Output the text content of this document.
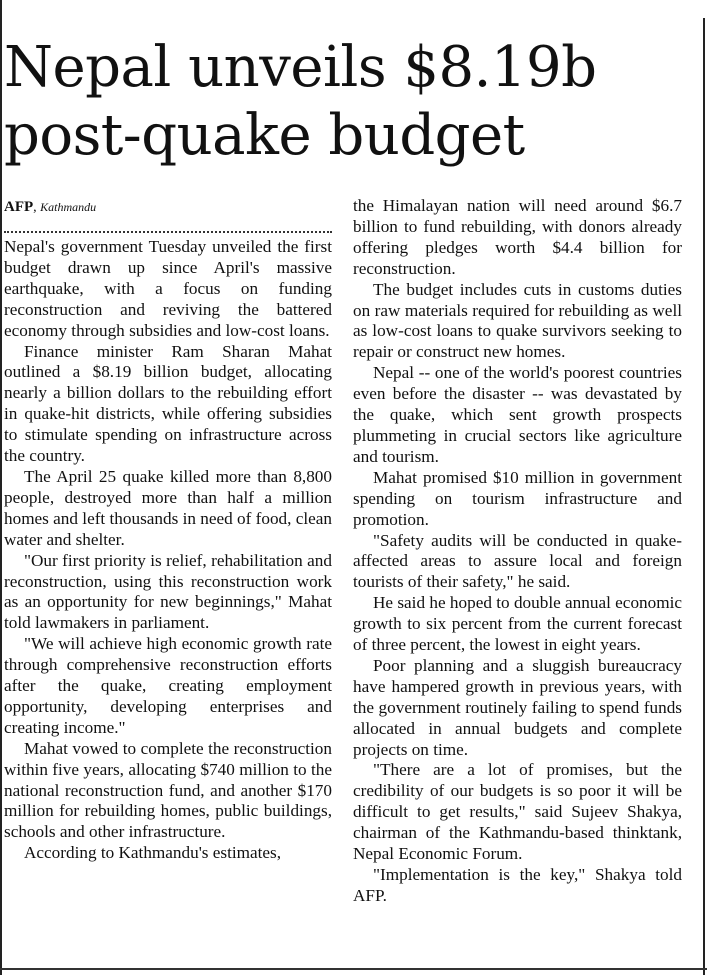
Nepal unveils $8.19b post-quake budget

AFP, Kathmandu

Nepal's government Tuesday unveiled the first budget drawn up since April's massive earthquake, with a focus on funding reconstruction and reviving the battered economy through subsidies and low-cost loans.

Finance minister Ram Sharan Mahat outlined a $8.19 billion budget, allocating nearly a billion dollars to the rebuilding effort in quake-hit districts, while offering subsidies to stimulate spending on infrastructure across the country.

The April 25 quake killed more than 8,800 people, destroyed more than half a million homes and left thousands in need of food, clean water and shelter.

"Our first priority is relief, rehabilitation and reconstruction, using this reconstruction work as an opportunity for new beginnings," Mahat told lawmakers in parliament.

"We will achieve high economic growth rate through comprehensive reconstruction efforts after the quake, creating employment opportunity, developing enterprises and creating income."

Mahat vowed to complete the reconstruction within five years, allocating $740 million to the national reconstruction fund, and another $170 million for rebuilding homes, public buildings, schools and other infrastructure.

According to Kathmandu's estimates,

the Himalayan nation will need around $6.7 billion to fund rebuilding, with donors already offering pledges worth $4.4 billion for reconstruction.

The budget includes cuts in customs duties on raw materials required for rebuilding as well as low-cost loans to quake survivors seeking to repair or construct new homes.

Nepal -- one of the world's poorest countries even before the disaster -- was devastated by the quake, which sent growth prospects plummeting in crucial sectors like agriculture and tourism.

Mahat promised $10 million in government spending on tourism infrastructure and promotion.

"Safety audits will be conducted in quake-affected areas to assure local and foreign tourists of their safety," he said.

He said he hoped to double annual economic growth to six percent from the current forecast of three percent, the lowest in eight years.

Poor planning and a sluggish bureaucracy have hampered growth in previous years, with the government routinely failing to spend funds allocated in annual budgets and complete projects on time.

"There are a lot of promises, but the credibility of our budgets is so poor it will be difficult to get results," said Sujeev Shakya, chairman of the Kathmandu-based thinktank, Nepal Economic Forum.

"Implementation is the key," Shakya told AFP.
